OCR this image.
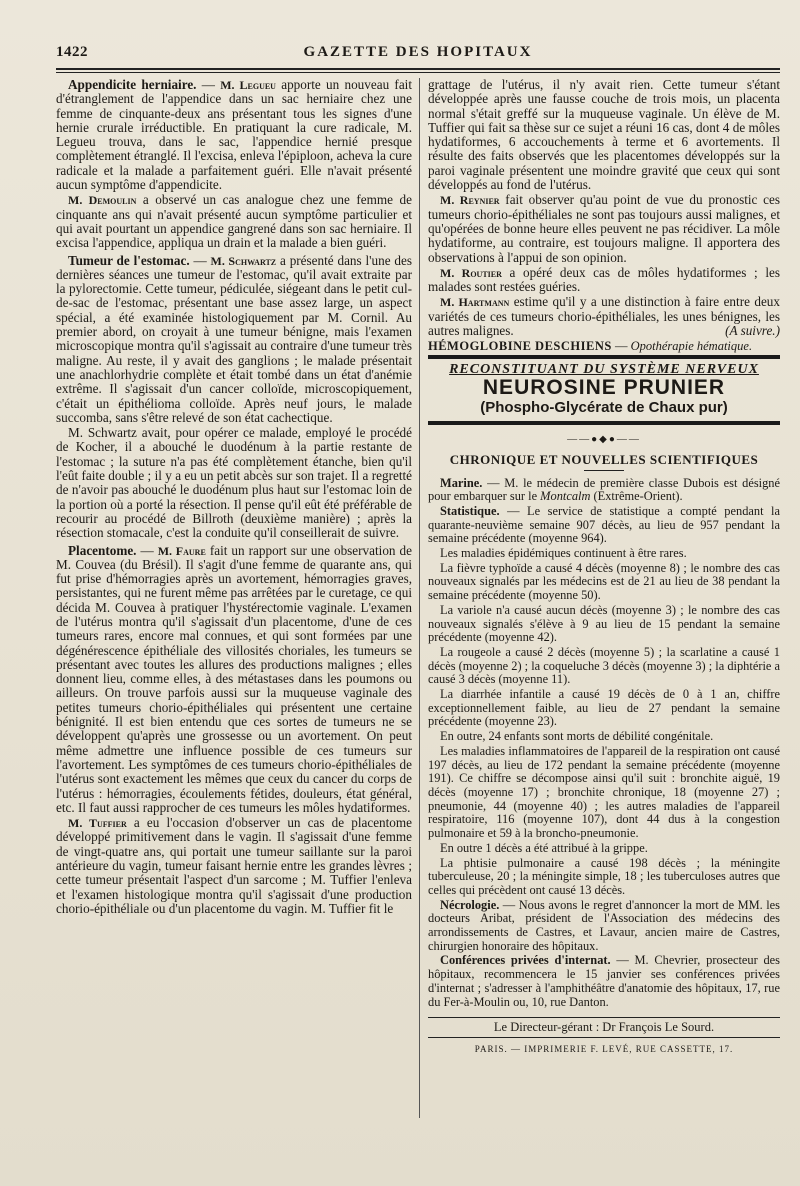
1422	GAZETTE DES HOPITAUX

Appendicite herniaire. — M. Legueu apporte un nouveau fait d'étranglement de l'appendice dans un sac herniaire chez une femme de cinquante-deux ans présentant tous les signes d'une hernie crurale irréductible. En pratiquant la cure radicale, M. Legueu trouva, dans le sac, l'appendice hernié presque complètement étranglé. Il l'excisa, enleva l'épiploon, acheva la cure radicale et la malade a parfaitement guéri. Elle n'avait présenté aucun symptôme d'appendicite.

M. Demoulin a observé un cas analogue chez une femme de cinquante ans qui n'avait présenté aucun symptôme particulier et qui avait pourtant un appendice gangrené dans son sac herniaire. Il excisa l'appendice, appliqua un drain et la malade a bien guéri.

Tumeur de l'estomac. — M. Schwartz a présenté dans l'une des dernières séances une tumeur de l'estomac, qu'il avait extraite par la pylorectomie. Cette tumeur, pédiculée, siégeant dans le petit cul-de-sac de l'estomac, présentant une base assez large, un aspect spécial, a été examinée histologiquement par M. Cornil. Au premier abord, on croyait à une tumeur bénigne, mais l'examen microscopique montra qu'il s'agissait au contraire d'une tumeur très maligne. Au reste, il y avait des ganglions ; le malade présentait une anachlorhydrie complète et était tombé dans un état d'anémie extrême. Il s'agissait d'un cancer colloïde, microscopiquement, c'était un épithélioma colloïde. Après neuf jours, le malade succomba, sans s'être relevé de son état cachectique.

M. Schwartz avait, pour opérer ce malade, employé le procédé de Kocher, il a abouché le duodénum à la partie restante de l'estomac ; la suture n'a pas été complètement étanche, bien qu'il l'eût faite double ; il y a eu un petit abcès sur son trajet. Il a regretté de n'avoir pas abouché le duodénum plus haut sur l'estomac loin de la portion où a porté la résection. Il pense qu'il eût été préférable de recourir au procédé de Billroth (deuxième manière) ; après la résection stomacale, c'est la conduite qu'il conseillerait de suivre.

Placentome. — M. Faure fait un rapport sur une observation de M. Couvea (du Brésil). Il s'agit d'une femme de quarante ans, qui fut prise d'hémorragies après un avortement, hémorragies graves, persistantes, qui ne furent même pas arrêtées par le curetage, ce qui décida M. Couvea à pratiquer l'hystérectomie vaginale. L'examen de l'utérus montra qu'il s'agissait d'un placentome, d'une de ces tumeurs rares, encore mal connues, et qui sont formées par une dégénérescence épithéliale des villosités choriales, les tumeurs se présentant avec toutes les allures des productions malignes ; elles donnent lieu, comme elles, à des métastases dans les poumons ou ailleurs. On trouve parfois aussi sur la muqueuse vaginale des petites tumeurs chorio-épithéliales qui présentent une certaine bénignité. Il est bien entendu que ces sortes de tumeurs ne se développent qu'après une grossesse ou un avortement. On peut même admettre une influence possible de ces tumeurs sur l'avortement. Les symptômes de ces tumeurs chorio-épithéliales de l'utérus sont exactement les mêmes que ceux du cancer du corps de l'utérus : hémorragies, écoulements fétides, douleurs, état général, etc. Il faut aussi rapprocher de ces tumeurs les môles hydatiformes.

M. Tuffier a eu l'occasion d'observer un cas de placentome développé primitivement dans le vagin. Il s'agissait d'une femme de vingt-quatre ans, qui portait une tumeur saillante sur la paroi antérieure du vagin, tumeur faisant hernie entre les grandes lèvres ; cette tumeur présentait l'aspect d'un sarcome ; M. Tuffier l'enleva et l'examen histologique montra qu'il s'agissait d'une production chorio-épithéliale ou d'un placentome du vagin. M. Tuffier fit le

grattage de l'utérus, il n'y avait rien. Cette tumeur s'étant développée après une fausse couche de trois mois, un placenta normal s'était greffé sur la muqueuse vaginale. Un élève de M. Tuffier qui fait sa thèse sur ce sujet a réuni 16 cas, dont 4 de môles hydatiformes, 6 accouchements à terme et 6 avortements. Il résulte des faits observés que les placentomes développés sur la paroi vaginale présentent une moindre gravité que ceux qui sont développés au fond de l'utérus.

M. Reynier fait observer qu'au point de vue du pronostic ces tumeurs chorio-épithéliales ne sont pas toujours aussi malignes, et qu'opérées de bonne heure elles peuvent ne pas récidiver. La môle hydatiforme, au contraire, est toujours maligne. Il apportera des observations à l'appui de son opinion.

M. Routier a opéré deux cas de môles hydatiformes ; les malades sont restées guéries.

M. Hartmann estime qu'il y a une distinction à faire entre deux variétés de ces tumeurs chorio-épithéliales, les unes bénignes, les autres malignes.	(A suivre.)

HÉMOGLOBINE DESCHIENS — Opothérapie hématique.

RECONSTITUANT DU SYSTÈME NERVEUX
NEUROSINE PRUNIER
(Phospho-Glycérate de Chaux pur)
——●◆●——
CHRONIQUE ET NOUVELLES SCIENTIFIQUES

Marine. — M. le médecin de première classe Dubois est désigné pour embarquer sur le Montcalm (Extrême-Orient).

Statistique. — Le service de statistique a compté pendant la quarante-neuvième semaine 907 décès, au lieu de 957 pendant la semaine précédente (moyenne 964).

Les maladies épidémiques continuent à être rares.

La fièvre typhoïde a causé 4 décès (moyenne 8) ; le nombre des cas nouveaux signalés par les médecins est de 21 au lieu de 38 pendant la semaine précédente (moyenne 50).

La variole n'a causé aucun décès (moyenne 3) ; le nombre des cas nouveaux signalés s'élève à 9 au lieu de 15 pendant la semaine précédente (moyenne 42).

La rougeole a causé 2 décès (moyenne 5) ; la scarlatine a causé 1 décès (moyenne 2) ; la coqueluche 3 décès (moyenne 3) ; la diphtérie a causé 3 décès (moyenne 11).

La diarrhée infantile a causé 19 décès de 0 à 1 an, chiffre exceptionnellement faible, au lieu de 27 pendant la semaine précédente (moyenne 23).

En outre, 24 enfants sont morts de débilité congénitale.

Les maladies inflammatoires de l'appareil de la respiration ont causé 197 décès, au lieu de 172 pendant la semaine précédente (moyenne 191). Ce chiffre se décompose ainsi qu'il suit : bronchite aiguë, 19 décès (moyenne 17) ; bronchite chronique, 18 (moyenne 27) ; pneumonie, 44 (moyenne 40) ; les autres maladies de l'appareil respiratoire, 116 (moyenne 107), dont 44 dus à la congestion pulmonaire et 59 à la broncho-pneumonie.

En outre 1 décès a été attribué à la grippe.

La phtisie pulmonaire a causé 198 décès ; la méningite tuberculeuse, 20 ; la méningite simple, 18 ; les tuberculoses autres que celles qui précèdent ont causé 13 décès.

Nécrologie. — Nous avons le regret d'annoncer la mort de MM. les docteurs Aribat, président de l'Association des médecins des arrondissements de Castres, et Lavaur, ancien maire de Castres, chirurgien honoraire des hôpitaux.

Conférences privées d'internat. — M. Chevrier, prosecteur des hôpitaux, recommencera le 15 janvier ses conférences privées d'internat ; s'adresser à l'amphithéâtre d'anatomie des hôpitaux, 17, rue du Fer-à-Moulin ou, 10, rue Danton.

Le Directeur-gérant : Dr François Le Sourd.
PARIS. — IMPRIMERIE F. LEVÉ, RUE CASSETTE, 17.
